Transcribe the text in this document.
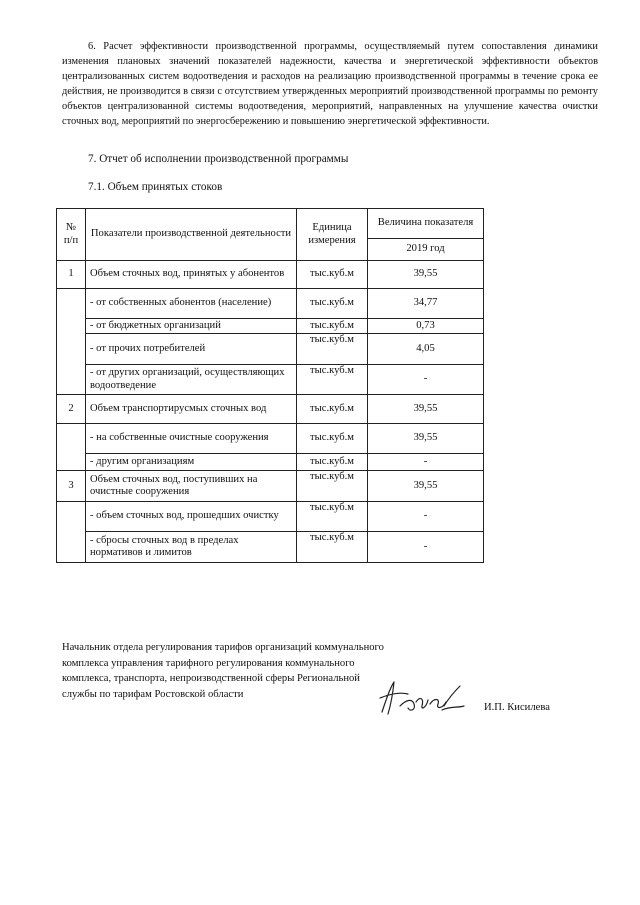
6. Расчет эффективности производственной программы, осуществляемый путем сопоставления динамики изменения плановых значений показателей надежности, качества и энергетической эффективности объектов централизованных систем водоотведения и расходов на реализацию производственной программы в течение срока ее действия, не производится в связи с отсутствием утвержденных мероприятий производственной программы по ремонту объектов централизованной системы водоотведения, мероприятий, направленных на улучшение качества очистки сточных вод, мероприятий по энергосбережению и повышению энергетической эффективности.

7. Отчет об исполнении производственной программы

7.1. Объем принятых стоков

№ п/п	Показатели производственной деятельности	Единица измерения	Величина показателя
			2019 год
1	Объем сточных вод, принятых у абонентов	тыс.куб.м	39,55
	- от собственных абонентов (население)	тыс.куб.м	34,77
	- от бюджетных организаций	тыс.куб.м	0,73
	- от прочих потребителей	тыс.куб.м	4,05
	- от других организаций, осуществляющих водоотведение	тыс.куб.м	-
2	Объем транспортирусмых сточных вод	тыс.куб.м	39,55
	- на собственные очистные сооружения	тыс.куб.м	39,55
	- другим организациям	тыс.куб.м	-
3	Объем сточных вод, поступивших на очистные сооружения	тыс.куб.м	39,55
	- объем сточных вод, прошедших очистку	тыс.куб.м	-
	- сбросы сточных вод в пределах нормативов и лимитов	тыс.куб.м	-

Начальник отдела регулирования тарифов организаций коммунального комплекса управления тарифного регулирования коммунального комплекса, транспорта, непроизводственной сферы Региональной службы по тарифам Ростовской области

И.П. Кисилева
